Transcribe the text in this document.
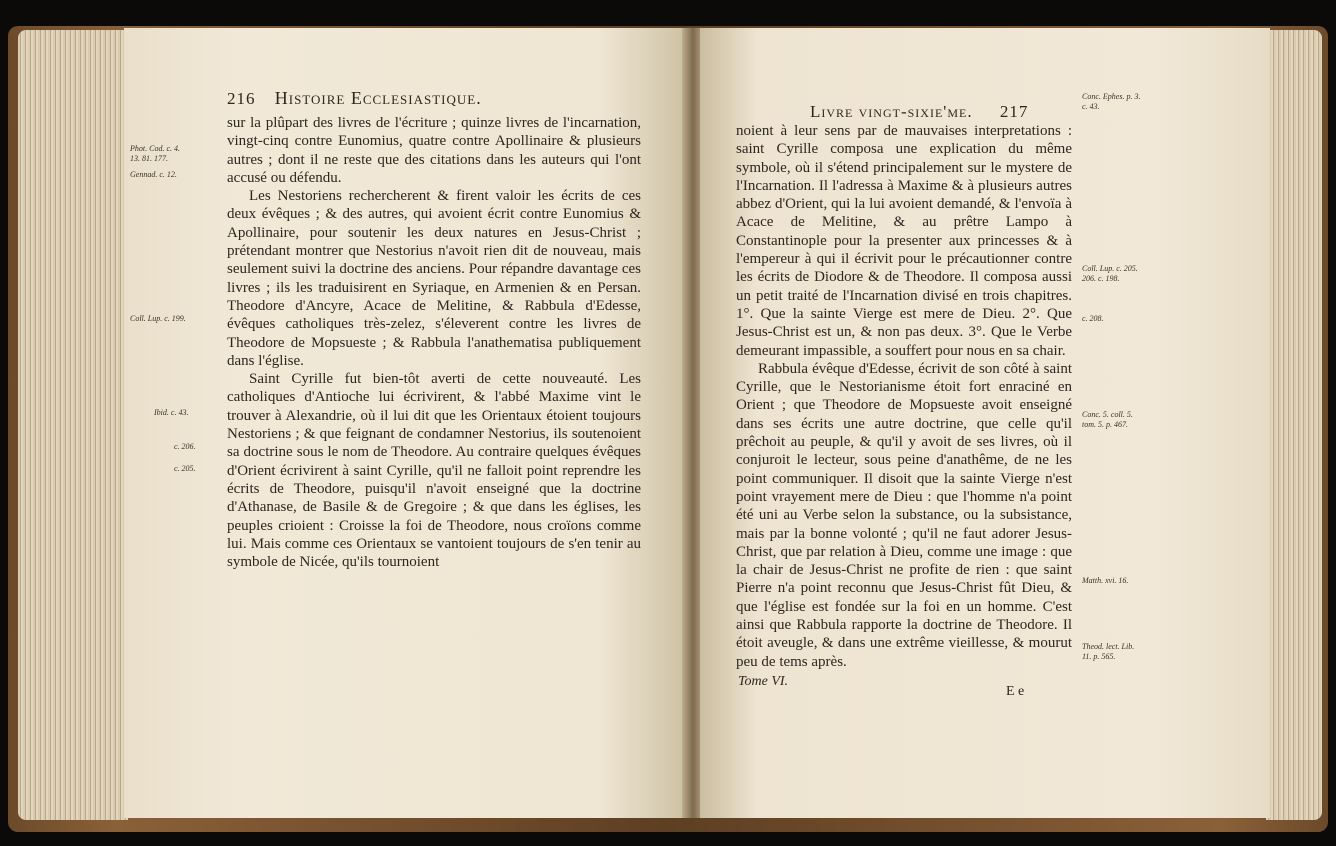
216 Histoire Ecclesiastique.

sur la plûpart des livres de l'écriture ; quinze livres de l'incarnation, vingt-cinq contre Eunomius, quatre contre Apollinaire & plusieurs autres ; dont il ne reste que des citations dans les auteurs qui l'ont accusé ou défendu.

Les Nestoriens rechercherent & firent valoir les écrits de ces deux évêques ; & des autres, qui avoient écrit contre Eunomius & Apollinaire, pour soutenir les deux natures en Jesus-Christ ; prétendant montrer que Nestorius n'avoit rien dit de nouveau, mais seulement suivi la doctrine des anciens. Pour répandre davantage ces livres ; ils les traduisirent en Syriaque, en Armenien & en Persan. Theodore d'Ancyre, Acace de Melitine, & Rabbula d'Edesse, évêques catholiques très-zelez, s'éleverent contre les livres de Theodore de Mopsueste ; & Rabbula l'anathematisa publiquement dans l'église.

Saint Cyrille fut bien-tôt averti de cette nouveauté. Les catholiques d'Antioche lui écrivirent, & l'abbé Maxime vint le trouver à Alexandrie, où il lui dit que les Orientaux étoient toujours Nestoriens ; & que feignant de condamner Nestorius, ils soutenoient sa doctrine sous le nom de Theodore. Au contraire quelques évêques d'Orient écrivirent à saint Cyrille, qu'il ne falloit point reprendre les écrits de Theodore, puisqu'il n'avoit enseigné que la doctrine d'Athanase, de Basile & de Gregoire ; & que dans les églises, les peuples crioient : Croisse la foi de Theodore, nous croïons comme lui. Mais comme ces Orientaux se vantoient toujours de s'en tenir au symbole de Nicée, qu'ils tournoient

Phot. Cod. c. 4. 13. 81. 177.
Gennad. c. 12.
Coll. Lup. c. 199.
Ibid. c. 43.
c. 206.
c. 205.
Livre vingt-sixie'me. 217

noient à leur sens par de mauvaises interpretations : saint Cyrille composa une explication du même symbole, où il s'étend principalement sur le mystere de l'Incarnation. Il l'adressa à Maxime & à plusieurs autres abbez d'Orient, qui la lui avoient demandé, & l'envoïa à Acace de Melitine, & au prêtre Lampo à Constantinople pour la presenter aux princesses & à l'empereur à qui il écrivit pour le précautionner contre les écrits de Diodore & de Theodore. Il composa aussi un petit traité de l'Incarnation divisé en trois chapitres. 1°. Que la sainte Vierge est mere de Dieu. 2°. Que Jesus-Christ est un, & non pas deux. 3°. Que le Verbe demeurant impassible, a souffert pour nous en sa chair.

Rabbula évêque d'Edesse, écrivit de son côté à saint Cyrille, que le Nestorianisme étoit fort enraciné en Orient ; que Theodore de Mopsueste avoit enseigné dans ses écrits une autre doctrine, que celle qu'il prêchoit au peuple, & qu'il y avoit de ses livres, où il conjuroit le lecteur, sous peine d'anathême, de ne les point communiquer. Il disoit que la sainte Vierge n'est point vrayement mere de Dieu : que l'homme n'a point été uni au Verbe selon la substance, ou la subsistance, mais par la bonne volonté ; qu'il ne faut adorer Jesus-Christ, que par relation à Dieu, comme une image : que la chair de Jesus-Christ ne profite de rien : que saint Pierre n'a point reconnu que Jesus-Christ fût Dieu, & que l'église est fondée sur la foi en un homme. C'est ainsi que Rabbula rapporte la doctrine de Theodore. Il étoit aveugle, & dans une extrême vieillesse, & mourut peu de tems après.

Conc. Ephes. p. 3. c. 43.
Coll. Lup. c. 205. 206. c. 198.
c. 208.
Conc. 5. coll. 5. tom. 5. p. 467.
Matth. xvi. 16.
Theod. lect. Lib. 11. p. 565.
Tome VI.
E e
